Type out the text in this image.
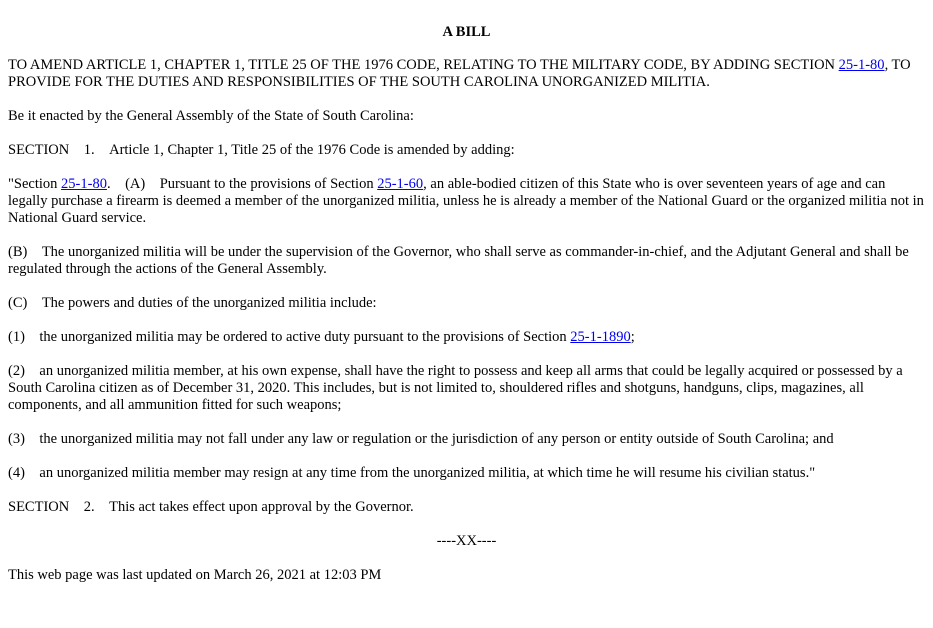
A BILL

TO AMEND ARTICLE 1, CHAPTER 1, TITLE 25 OF THE 1976 CODE, RELATING TO THE MILITARY CODE, BY ADDING SECTION 25-1-80, TO PROVIDE FOR THE DUTIES AND RESPONSIBILITIES OF THE SOUTH CAROLINA UNORGANIZED MILITIA.

Be it enacted by the General Assembly of the State of South Carolina:

SECTION    1.    Article 1, Chapter 1, Title 25 of the 1976 Code is amended by adding:

"Section 25-1-80.    (A)    Pursuant to the provisions of Section 25-1-60, an able-bodied citizen of this State who is over seventeen years of age and can legally purchase a firearm is deemed a member of the unorganized militia, unless he is already a member of the National Guard or the organized militia not in National Guard service.

(B)    The unorganized militia will be under the supervision of the Governor, who shall serve as commander-in-chief, and the Adjutant General and shall be regulated through the actions of the General Assembly.

(C)    The powers and duties of the unorganized militia include:

(1)    the unorganized militia may be ordered to active duty pursuant to the provisions of Section 25-1-1890;

(2)    an unorganized militia member, at his own expense, shall have the right to possess and keep all arms that could be legally acquired or possessed by a South Carolina citizen as of December 31, 2020. This includes, but is not limited to, shouldered rifles and shotguns, handguns, clips, magazines, all components, and all ammunition fitted for such weapons;

(3)    the unorganized militia may not fall under any law or regulation or the jurisdiction of any person or entity outside of South Carolina; and

(4)    an unorganized militia member may resign at any time from the unorganized militia, at which time he will resume his civilian status."

SECTION    2.    This act takes effect upon approval by the Governor.

----XX----

This web page was last updated on March 26, 2021 at 12:03 PM
